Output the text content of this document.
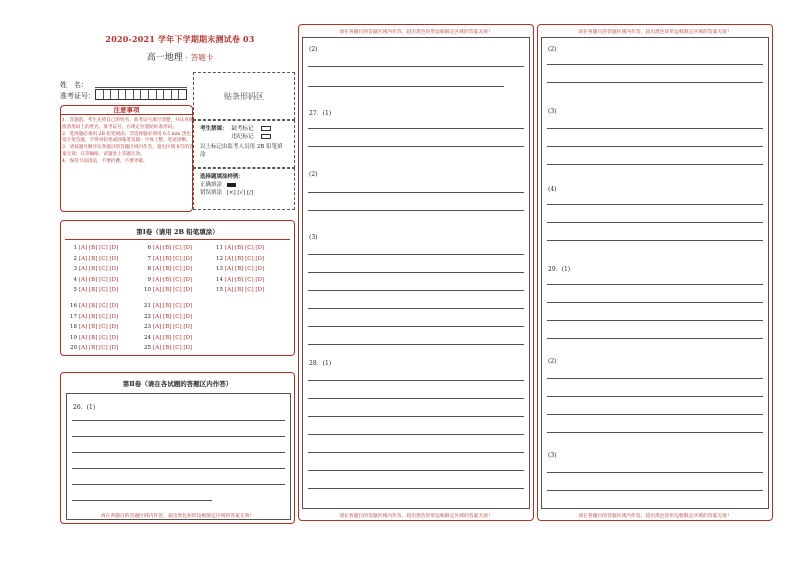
2020-2021 学年下学期期末测试卷 03
高一地理 · 答题卡
姓　名：
准考证号：	贴条形码区
注意事项
1．答题前，考生先将自己的姓名，准考证号填写清楚，并认真核准条形码上的姓名、准考证号，在规定位置贴好条形码。
2．选择题必须用 2B 铅笔填涂；非选择题必须用 0.5 mm 黑色签字笔答题，不得用铅笔或圆珠笔答题；字体工整、笔迹清晰。
3．请按题号顺序在各题目的答题区域内作答，超出区域书写的答案无效；在草稿纸、试题卷上答题无效。
4．保持卡面清洁，不要折叠、不要弄破。
考生禁填： 缺考标记
违纪标记
以上标记由监考人员用 2B 铅笔填涂
选择题填涂样例：
正确填涂
错误填涂 [×] [√] [/]
第Ⅰ卷（请用 2B 铅笔填涂）
1 [A] [B] [C] [D]
2 [A] [B] [C] [D]
3 [A] [B] [C] [D]
4 [A] [B] [C] [D]
5 [A] [B] [C] [D]
6 [A] [B] [C] [D]
7 [A] [B] [C] [D]
8 [A] [B] [C] [D]
9 [A] [B] [C] [D]
10 [A] [B] [C] [D]
11 [A] [B] [C] [D]
12 [A] [B] [C] [D]
13 [A] [B] [C] [D]
14 [A] [B] [C] [D]
15 [A] [B] [C] [D]
16 [A] [B] [C] [D]
17 [A] [B] [C] [D]
18 [A] [B] [C] [D]
19 [A] [B] [C] [D]
20 [A] [B] [C] [D]
21 [A] [B] [C] [D]
22 [A] [B] [C] [D]
23 [A] [B] [C] [D]
24 [A] [B] [C] [D]
25 [A] [B] [C] [D]
第Ⅱ卷（请在各试题的答题区内作答）
26．(1)
请在各题目的答题区域内作答，超出黑色矩形边框限定区域的答案无效！
请在各题目的答题区域内作答，超出黑色矩形边框限定区域的答案无效！
请在各题目的答题区域内作答，超出黑色矩形边框限定区域的答案无效！
(2)
27．(1)
(2)
(3)
28．(1)
请在各题目的答题区域内作答，超出黑色矩形边框限定区域的答案无效！
请在各题目的答题区域内作答，超出黑色矩形边框限定区域的答案无效！
(2)
(3)
(4)
29．(1)
(2)
(3)
